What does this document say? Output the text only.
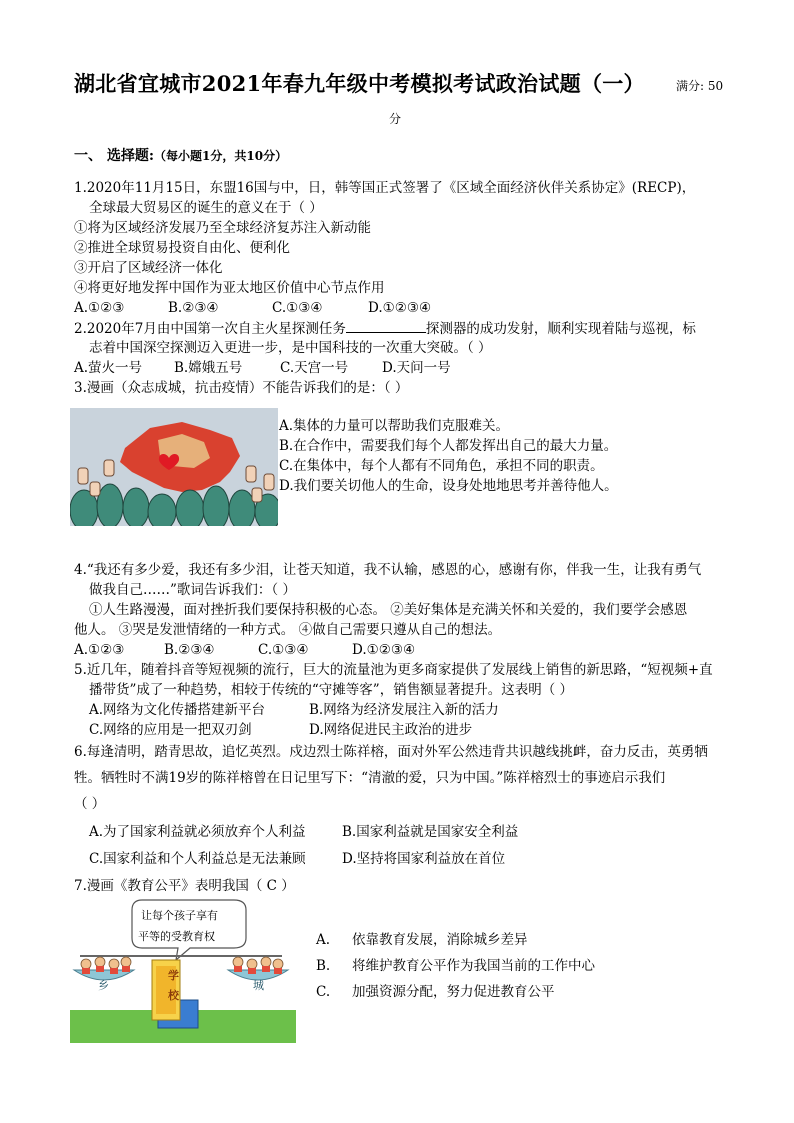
湖北省宜城市2021年春九年级中考模拟考试政治试题（一）	满分: 50
分
一、 选择题:（每小题1分，共10分）
1.2020年11月15日，东盟16国与中，日，韩等国正式签署了《区域全面经济伙伴关系协定》(RECP)，
全球最大贸易区的诞生的意义在于（ ）
①将为区域经济发展乃至全球经济复苏注入新动能
②推进全球贸易投资自由化、便利化
③开启了区域经济一体化
④将更好地发挥中国作为亚太地区价值中心节点作用
A.①②③	B.②③④	C.①③④	D.①②③④
2.2020年7月由中国第一次自主火星探测任务	探测器的成功发射，顺利实现着陆与巡视，标
志着中国深空探测迈入更进一步，是中国科技的一次重大突破。（ ）
A.萤火一号 B.嫦娥五号	C.天宫一号	D.天问一号
3.漫画（众志成城，抗击疫情）不能告诉我们的是：（ ）
A.集体的力量可以帮助我们克服难关。
B.在合作中，需要我们每个人都发挥出自己的最大力量。
C.在集体中，每个人都有不同角色，承担不同的职责。
D.我们要关切他人的生命，设身处地地思考并善待他人。
4.“我还有多少爱，我还有多少泪，让苍天知道，我不认输，感恩的心，感谢有你，伴我一生，让我有勇气
做我自己……”歌词告诉我们：（ ）
①人生路漫漫，面对挫折我们要保持积极的心态。 ②美好集体是充满关怀和关爱的，我们要学会感恩
他人。 ③哭是发泄情绪的一种方式。 ④做自己需要只遵从自己的想法。
A.①②③	B.②③④	C.①③④	D.①②③④
5.近几年，随着抖音等短视频的流行，巨大的流量池为更多商家提供了发展线上销售的新思路，“短视频+直
播带货”成了一种趋势，相较于传统的“守摊等客”，销售额显著提升。这表明（ ）
A.网络为文化传播搭建新平台	B.网络为经济发展注入新的活力
C.网络的应用是一把双刃剑	D.网络促进民主政治的进步
6.每逢清明，踏青思故，追忆英烈。戍边烈士陈祥榕，面对外军公然违背共识越线挑衅，奋力反击，英勇牺
牲。牺牲时不满19岁的陈祥榕曾在日记里写下：“清澈的爱，只为中国。”陈祥榕烈士的事迹启示我们
（ ）
A.为了国家利益就必须放弃个人利益	B.国家利益就是国家安全利益
C.国家利益和个人利益总是无法兼顾	D.坚持将国家利益放在首位
7.漫画《教育公平》表明我国（ C ）
让每个孩子享有
平等的受教育权
学
校
乡	城
A. 依靠教育发展，消除城乡差异
B. 将维护教育公平作为我国当前的工作中心
C. 加强资源分配，努力促进教育公平
